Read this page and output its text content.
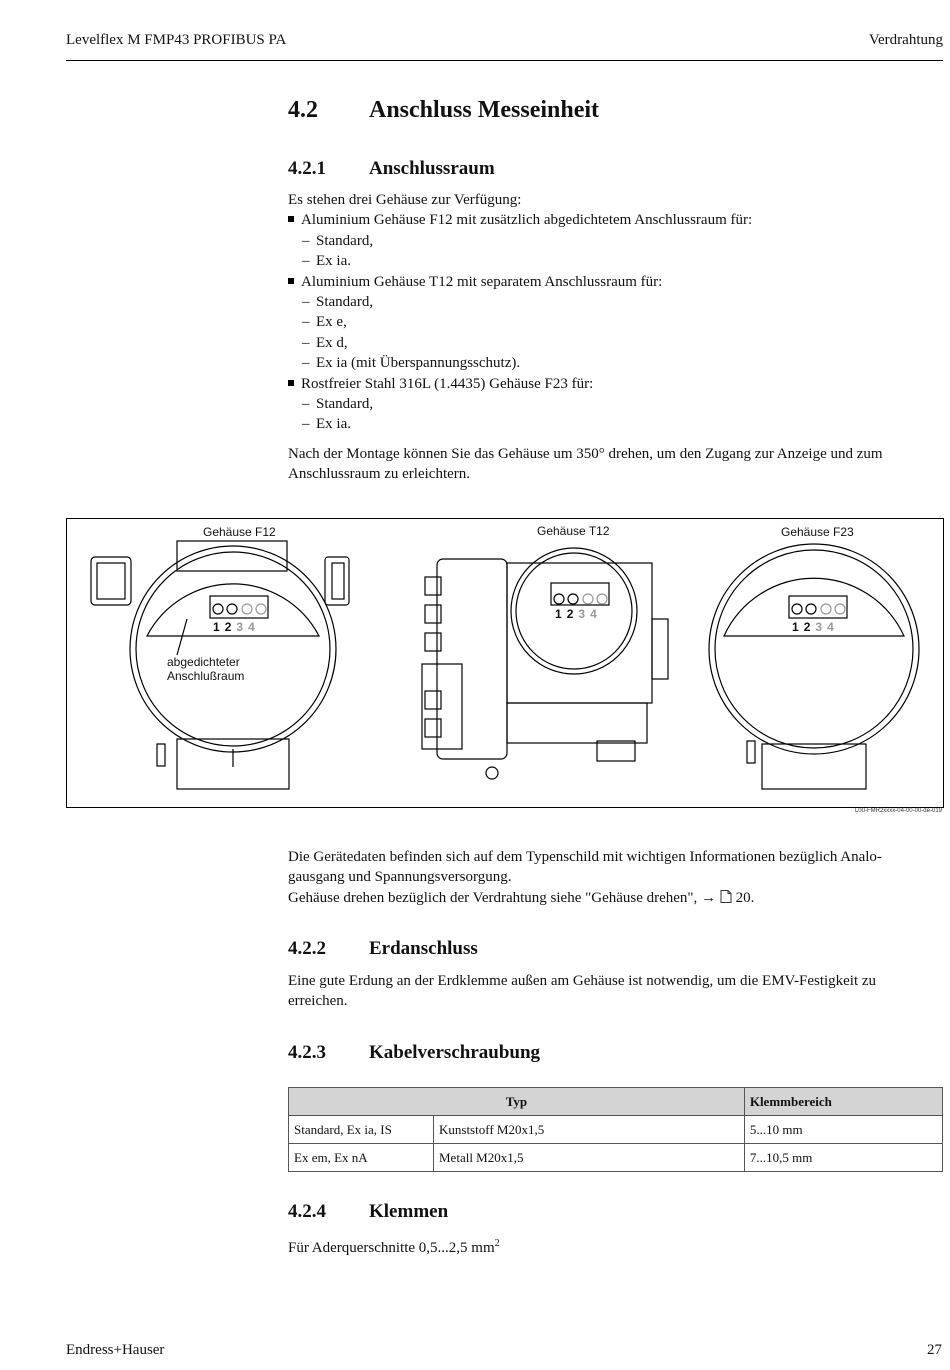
Levelflex M FMP43 PROFIBUS PA	Verdrahtung
4.2 Anschluss Messeinheit
4.2.1 Anschlussraum
Es stehen drei Gehäuse zur Verfügung:
Aluminium Gehäuse F12 mit zusätzlich abgedichtetem Anschlussraum für:
– Standard,
– Ex ia.
Aluminium Gehäuse T12 mit separatem Anschlussraum für:
– Standard,
– Ex e,
– Ex d,
– Ex ia (mit Überspannungsschutz).
Rostfreier Stahl 316L (1.4435) Gehäuse F23 für:
– Standard,
– Ex ia.
Nach der Montage können Sie das Gehäuse um 350° drehen, um den Zugang zur Anzeige und zum
Anschlussraum zu erleichtern.
Gehäuse F12	Gehäuse T12	Gehäuse F23
abgedichteter
Anschlußraum
1234
1234
1234
L00-FMR2xxxx-04-00-00-de-019
Die Gerätedaten befinden sich auf dem Typenschild mit wichtigen Informationen bezüglich Analo-
gausgang und Spannungsversorgung.
Gehäuse drehen bezüglich der Verdrahtung siehe "Gehäuse drehen", → 20.
4.2.2 Erdanschluss
Eine gute Erdung an der Erdklemme außen am Gehäuse ist notwendig, um die EMV-Festigkeit zu
erreichen.
4.2.3 Kabelverschraubung
Typ		Klemmbereich
Standard, Ex ia, IS	Kunststoff M20x1,5	5...10 mm
Ex em, Ex nA	Metall M20x1,5	7...10,5 mm
4.2.4 Klemmen
Für Aderquerschnitte 0,5...2,5 $mm^2$
Endress+Hauser	27
